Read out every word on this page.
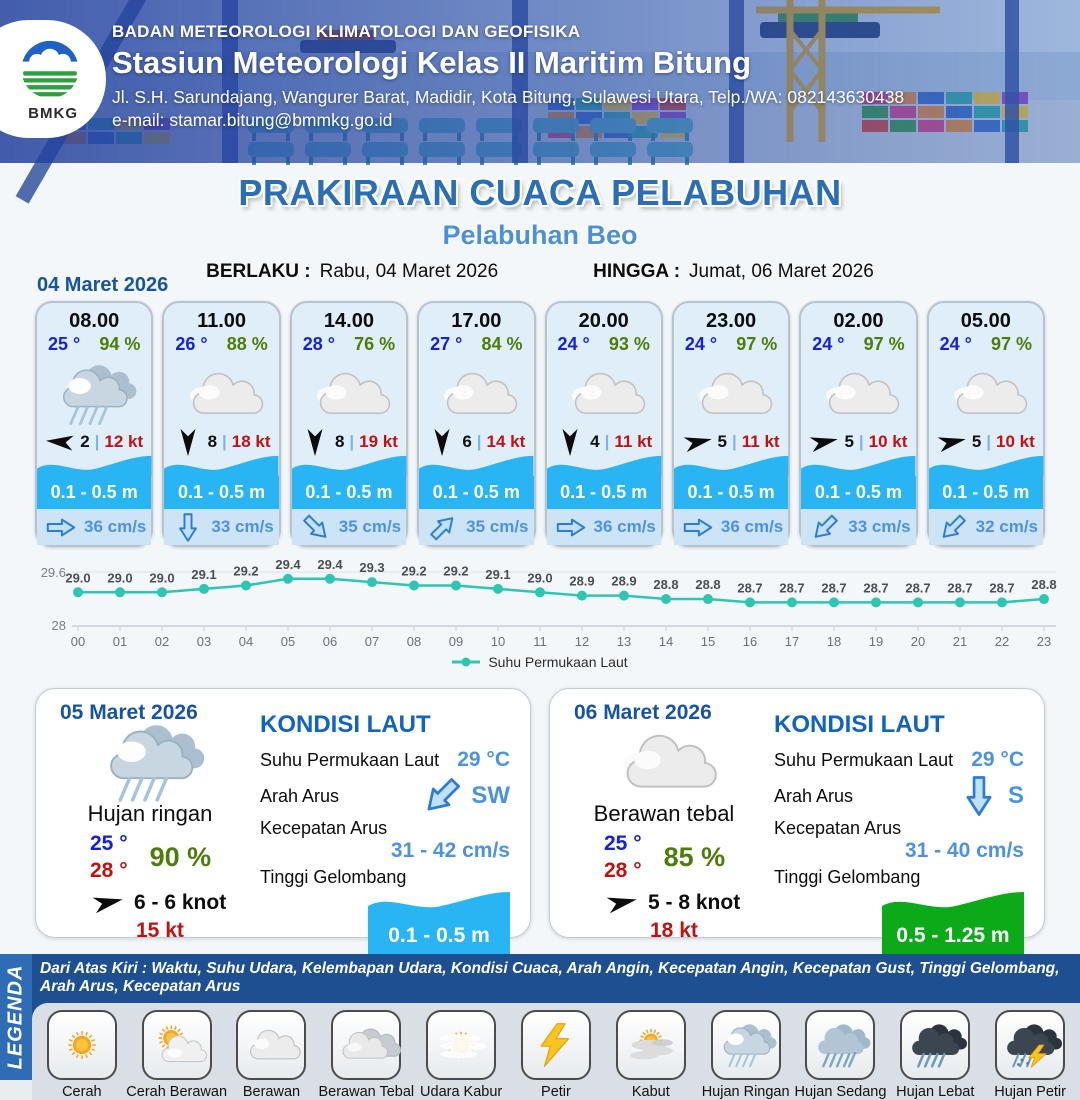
BMKG
BADAN METEOROLOGI KLIMATOLOGI DAN GEOFISIKA
Stasiun Meteorologi Kelas II Maritim Bitung
Jl. S.H. Sarundajang, Wangurer Barat, Madidir, Kota Bitung, Sulawesi Utara, Telp./WA: 082143630438
e-mail: stamar.bitung@bmmkg.go.id
PRAKIRAAN CUACA PELABUHAN
Pelabuhan Beo
BERLAKU : Rabu, 04 Maret 2026	HINGGA : Jumat, 06 Maret 2026
04 Maret 2026
08.00
25 ° 94 %
2 | 12 kt
0.1 - 0.5 m
36 cm/s
11.00
26 ° 88 %
8 | 18 kt
0.1 - 0.5 m
33 cm/s
14.00
28 ° 76 %
8 | 19 kt
0.1 - 0.5 m
35 cm/s
17.00
27 ° 84 %
6 | 14 kt
0.1 - 0.5 m
35 cm/s
20.00
24 ° 93 %
4 | 11 kt
0.1 - 0.5 m
36 cm/s
23.00
24 ° 97 %
5 | 11 kt
0.1 - 0.5 m
36 cm/s
02.00
24 ° 97 %
5 | 10 kt
0.1 - 0.5 m
33 cm/s
05.00
24 ° 97 %
5 | 10 kt
0.1 - 0.5 m
32 cm/s
29.6
28
00 01 02 03 04 05 06 07 08 09 10 11 12 13 14 15 16 17 18 19 20 21 22 23
29.0 29.0 29.0 29.1 29.2 29.4 29.4 29.3 29.2 29.2 29.1 29.0 28.9 28.9 28.8 28.8 28.7 28.7 28.7 28.7 28.7 28.7 28.7 28.8
Suhu Permukaan Laut
05 Maret 2026
Hujan ringan
25 °
28 ° 90 %
6 - 6 knot
15 kt
KONDISI LAUT
Suhu Permukaan Laut 29 °C
Arah Arus	SW
Kecepatan Arus
31 - 42 cm/s
Tinggi Gelombang
0.1 - 0.5 m
06 Maret 2026
Berawan tebal
25 °
28 ° 85 %
5 - 8 knot
18 kt
KONDISI LAUT
Suhu Permukaan Laut 29 °C
Arah Arus	S
Kecepatan Arus
31 - 40 cm/s
Tinggi Gelombang
0.5 - 1.25 m
LEGENDA Dari Atas Kiri : Waktu, Suhu Udara, Kelembapan Udara, Kondisi Cuaca, Arah Angin, Kecepatan Angin, Kecepatan Gust, Tinggi Gelombang, Arah Arus, Kecepatan Arus
Cerah Cerah Berawan Berawan Berawan Tebal Udara Kabur	Petir	Kabut Hujan Ringan Hujan Sedang Hujan Lebat Hujan Petir
